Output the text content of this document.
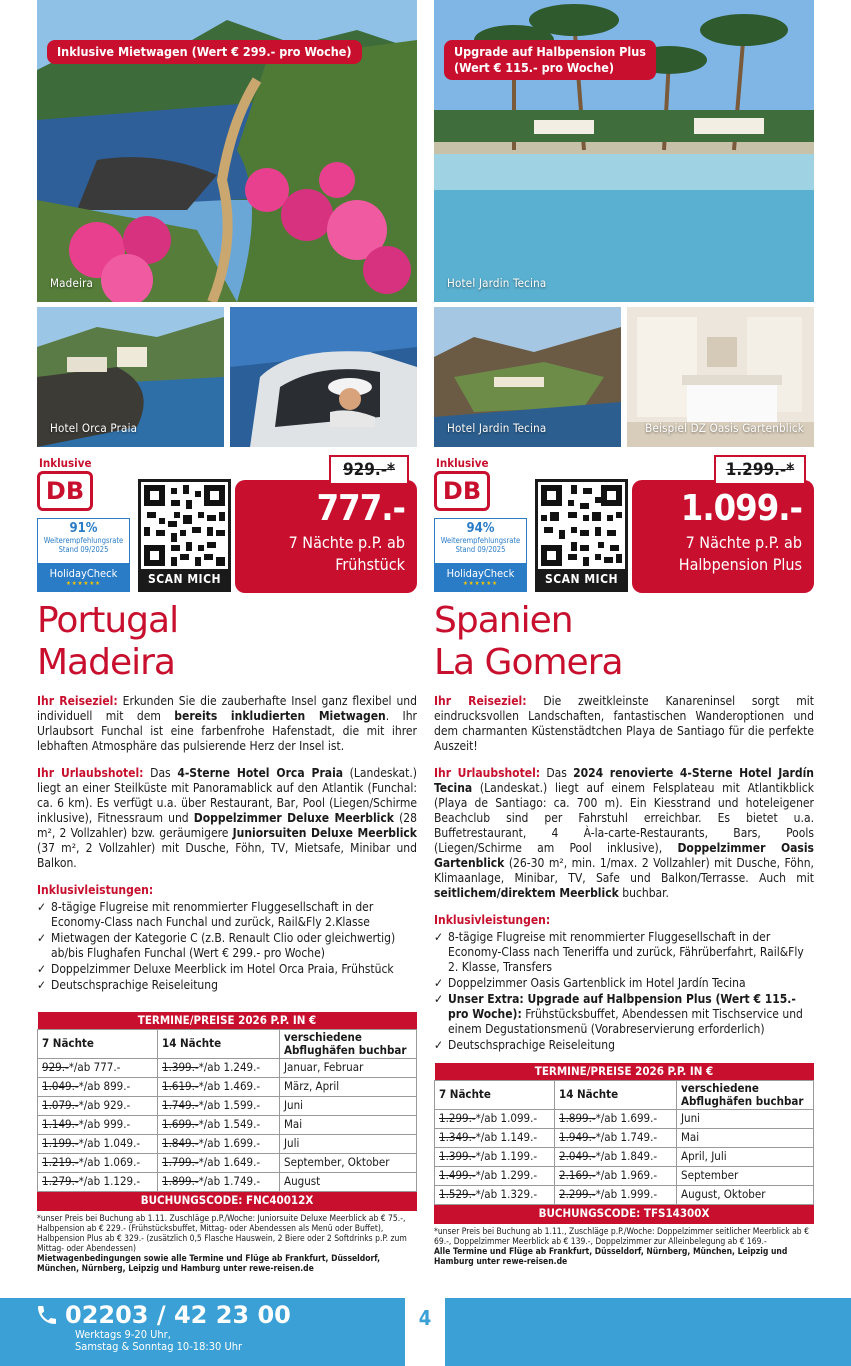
Inklusive Mietwagen (Wert € 299.- pro Woche)
Madeira
Hotel Orca Praia
Inklusive
DB
91%
Weiterempfehlungsrate
Stand 09/2025
HolidayCheck
★★★★★★	SCAN MICH
777.-
7 Nächte p.P. ab
Frühstück
929.-*
Portugal
Madeira

Ihr Reiseziel: Erkunden Sie die zauberhafte Insel ganz flexibel und individuell mit dem bereits inkludierten Mietwagen. Ihr Urlaubsort Funchal ist eine farbenfrohe Hafenstadt, die mit ihrer lebhaften Atmosphäre das pulsierende Herz der Insel ist.

Ihr Urlaubshotel: Das 4-Sterne Hotel Orca Praia (Landeskat.) liegt an einer Steilküste mit Panoramablick auf den Atlantik (Funchal: ca. 6 km). Es verfügt u.a. über Restaurant, Bar, Pool (Liegen/Schirme inklusive), Fitnessraum und Doppelzimmer Deluxe Meerblick (28 m², 2 Vollzahler) bzw. geräumigere Juniorsuiten Deluxe Meerblick (37 m², 2 Vollzahler) mit Dusche, Föhn, TV, Mietsafe, Minibar und Balkon.

Inklusivleistungen:
✓ 8-tägige Flugreise mit renommierter Fluggesellschaft in der Economy-Class nach Funchal und zurück, Rail&Fly 2.Klasse
✓ Mietwagen der Kategorie C (z.B. Renault Clio oder gleichwertig) ab/bis Flughafen Funchal (Wert € 299.- pro Woche)
✓ Doppelzimmer Deluxe Meerblick im Hotel Orca Praia, Frühstück
✓ Deutschsprachige Reiseleitung
TERMINE/PREISE 2026 P.P. IN €		
7 Nächte	14 Nächte	verschiedene Abflughäfen buchbar
929.-*/ab 777.-	1.399.-*/ab 1.249.-	Januar, Februar
1.049.-*/ab 899.-	1.619.-*/ab 1.469.-	März, April
1.079.-*/ab 929.-	1.749.-*/ab 1.599.-	Juni
1.149.-*/ab 999.-	1.699.-*/ab 1.549.-	Mai
1.199.-*/ab 1.049.-	1.849.-*/ab 1.699.-	Juli
1.219.-*/ab 1.069.-	1.799.-*/ab 1.649.-	September, Oktober
1.279.-*/ab 1.129.-	1.899.-*/ab 1.749.-	August
BUCHUNGSCODE: FNC40012X		
*unser Preis bei Buchung ab 1.11. Zuschläge p.P./Woche: Juniorsuite Deluxe Meerblick ab € 75.-, Halbpension ab € 229.- (Frühstücksbuffet, Mittag- oder Abendessen als Menü oder Buffet), Halbpension Plus ab € 329.- (zusätzlich 0,5 Flasche Hauswein, 2 Biere oder 2 Softdrinks p.P. zum Mittag- oder Abendessen)
Mietwagenbedingungen sowie alle Termine und Flüge ab Frankfurt, Düsseldorf, München, Nürnberg, Leipzig und Hamburg unter rewe-reisen.de
Upgrade auf Halbpension Plus
(Wert € 115.- pro Woche)
Hotel Jardin Tecina
Hotel Jardin Tecina	Beispiel DZ Oasis Gartenblick
Inklusive
DB
94%
Weiterempfehlungsrate
Stand 09/2025
HolidayCheck
★★★★★★	SCAN MICH
1.099.-
7 Nächte p.P. ab
Halbpension Plus
1.299.-*
Spanien
La Gomera

Ihr Reiseziel: Die zweitkleinste Kanareninsel sorgt mit eindrucksvollen Landschaften, fantastischen Wanderoptionen und dem charmanten Küstenstädtchen Playa de Santiago für die perfekte Auszeit!

Ihr Urlaubshotel: Das 2024 renovierte 4-Sterne Hotel Jardín Tecina (Landeskat.) liegt auf einem Felsplateau mit Atlantikblick (Playa de Santiago: ca. 700 m). Ein Kiesstrand und hoteleigener Beachclub sind per Fahrstuhl erreichbar. Es bietet u.a. Buffetrestaurant, 4 À-la-carte-Restaurants, Bars, Pools (Liegen/Schirme am Pool inklusive), Doppelzimmer Oasis Gartenblick (26-30 m², min. 1/max. 2 Vollzahler) mit Dusche, Föhn, Klimaanlage, Minibar, TV, Safe und Balkon/Terrasse. Auch mit seitlichem/direktem Meerblick buchbar.

Inklusivleistungen:
✓ 8-tägige Flugreise mit renommierter Fluggesellschaft in der Economy-Class nach Teneriffa und zurück, Fährüberfahrt, Rail&Fly 2. Klasse, Transfers
✓ Doppelzimmer Oasis Gartenblick im Hotel Jardín Tecina
✓ Unser Extra: Upgrade auf Halbpension Plus (Wert € 115.- pro Woche): Frühstücksbuffet, Abendessen mit Tischservice und einem Degustationsmenü (Vorabreservierung erforderlich)
✓ Deutschsprachige Reiseleitung
TERMINE/PREISE 2026 P.P. IN €		
7 Nächte	14 Nächte	verschiedene Abflughäfen buchbar
1.299.-*/ab 1.099.-	1.899.-*/ab 1.699.-	Juni
1.349.-*/ab 1.149.-	1.949.-*/ab 1.749.-	Mai
1.399.-*/ab 1.199.-	2.049.-*/ab 1.849.-	April, Juli
1.499.-*/ab 1.299.-	2.169.-*/ab 1.969.-	September
1.529.-*/ab 1.329.-	2.299.-*/ab 1.999.-	August, Oktober
BUCHUNGSCODE: TFS14300X		
*unser Preis bei Buchung ab 1.11., Zuschläge p.P./Woche: Doppelzimmer seitlicher Meerblick ab € 69.-, Doppelzimmer Meerblick ab € 139.-, Doppelzimmer zur Alleinbelegung ab € 169.-
Alle Termine und Flüge ab Frankfurt, Düsseldorf, Nürnberg, München, Leipzig und Hamburg unter rewe-reisen.de
02203 / 42 23 00
Werktags 9-20 Uhr,
Samstag & Sonntag 10-18:30 Uhr
4
